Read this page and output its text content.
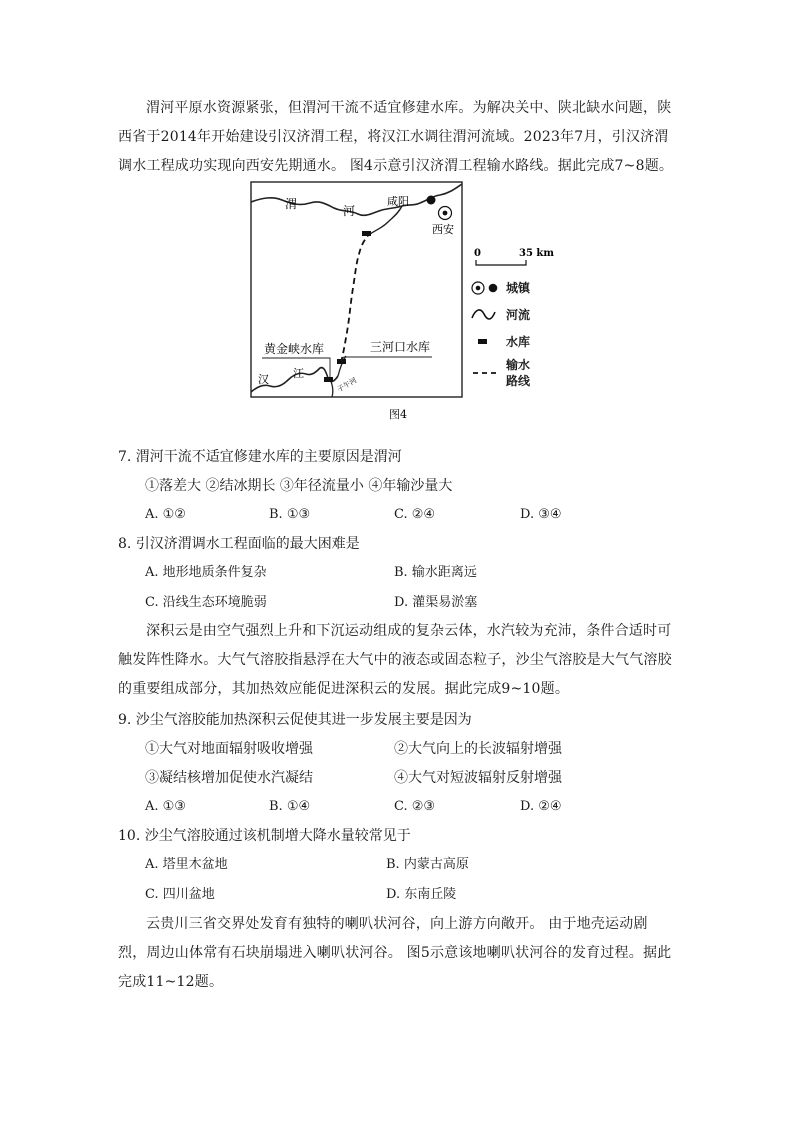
渭河平原水资源紧张，但渭河干流不适宜修建水库。为解决关中、陕北缺水问题，陕西省于2014年开始建设引汉济渭工程，将汉江水调往渭河流域。2023年7月，引汉济渭调水工程成功实现向西安先期通水。 图4示意引汉济渭工程输水路线。据此完成7~8题。

渭	河
咸阳
西安
黄金峡水库	三河口水库
汉 江
子午河
图4
0	35 km
城镇
河流
水库
输水
路线
7. 渭河干流不适宜修建水库的主要原因是渭河
①落差大 ②结冰期长 ③年径流量小 ④年输沙量大
A. ①②	B. ①③	C. ②④	D. ③④
8. 引汉济渭调水工程面临的最大困难是
A. 地形地质条件复杂	B. 输水距离远
C. 沿线生态环境脆弱	D. 灌渠易淤塞

深积云是由空气强烈上升和下沉运动组成的复杂云体，水汽较为充沛，条件合适时可触发阵性降水。大气气溶胶指悬浮在大气中的液态或固态粒子，沙尘气溶胶是大气气溶胶的重要组成部分，其加热效应能促进深积云的发展。据此完成9~10题。

9. 沙尘气溶胶能加热深积云促使其进一步发展主要是因为
①大气对地面辐射吸收增强	②大气向上的长波辐射增强
③凝结核增加促使水汽凝结	④大气对短波辐射反射增强
A. ①③	B. ①④	C. ②③	D. ②④
10. 沙尘气溶胶通过该机制增大降水量较常见于
A. 塔里木盆地	B. 内蒙古高原
C. 四川盆地	D. 东南丘陵

云贵川三省交界处发育有独特的喇叭状河谷，向上游方向敞开。 由于地壳运动剧烈，周边山体常有石块崩塌进入喇叭状河谷。 图5示意该地喇叭状河谷的发育过程。据此完成11~12题。
